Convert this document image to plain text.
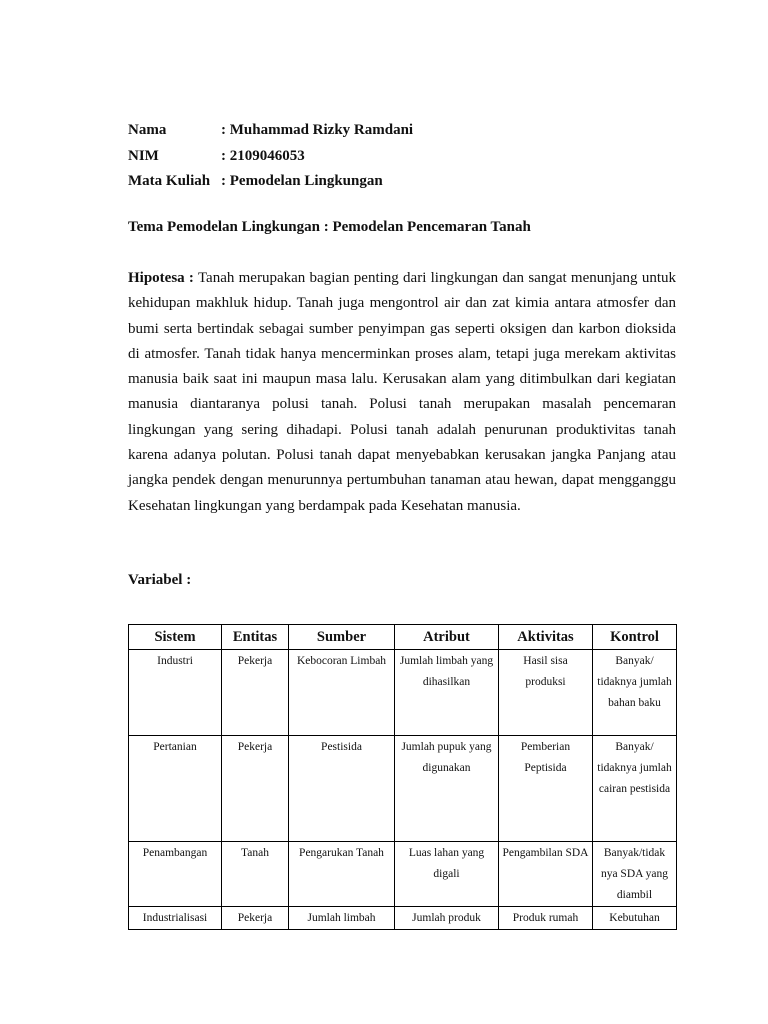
Nama	: Muhammad Rizky Ramdani
NIM	: 2109046053
Mata Kuliah	: Pemodelan Lingkungan
Tema Pemodelan Lingkungan : Pemodelan Pencemaran Tanah

Hipotesa : Tanah merupakan bagian penting dari lingkungan dan sangat menunjang untuk kehidupan makhluk hidup. Tanah juga mengontrol air dan zat kimia antara atmosfer dan bumi serta bertindak sebagai sumber penyimpan gas seperti oksigen dan karbon dioksida di atmosfer. Tanah tidak hanya mencerminkan proses alam, tetapi juga merekam aktivitas manusia baik saat ini maupun masa lalu. Kerusakan alam yang ditimbulkan dari kegiatan manusia diantaranya polusi tanah. Polusi tanah merupakan masalah pencemaran lingkungan yang sering dihadapi. Polusi tanah adalah penurunan produktivitas tanah karena adanya polutan. Polusi tanah dapat menyebabkan kerusakan jangka Panjang atau jangka pendek dengan menurunnya pertumbuhan tanaman atau hewan, dapat mengganggu Kesehatan lingkungan yang berdampak pada Kesehatan manusia.

Variabel :
Sistem	Entitas	Sumber	Atribut	Aktivitas	Kontrol
Industri	Pekerja	Kebocoran Limbah	Jumlah limbah yang dihasilkan	Hasil sisa produksi	Banyak/ tidaknya jumlah bahan baku
Pertanian	Pekerja	Pestisida	Jumlah pupuk yang digunakan	Pemberian Peptisida	Banyak/ tidaknya jumlah cairan pestisida
Penambangan	Tanah	Pengarukan Tanah	Luas lahan yang digali	Pengambilan SDA	Banyak/tidak nya SDA yang diambil
Industrialisasi	Pekerja	Jumlah limbah	Jumlah produk	Produk rumah	Kebutuhan
